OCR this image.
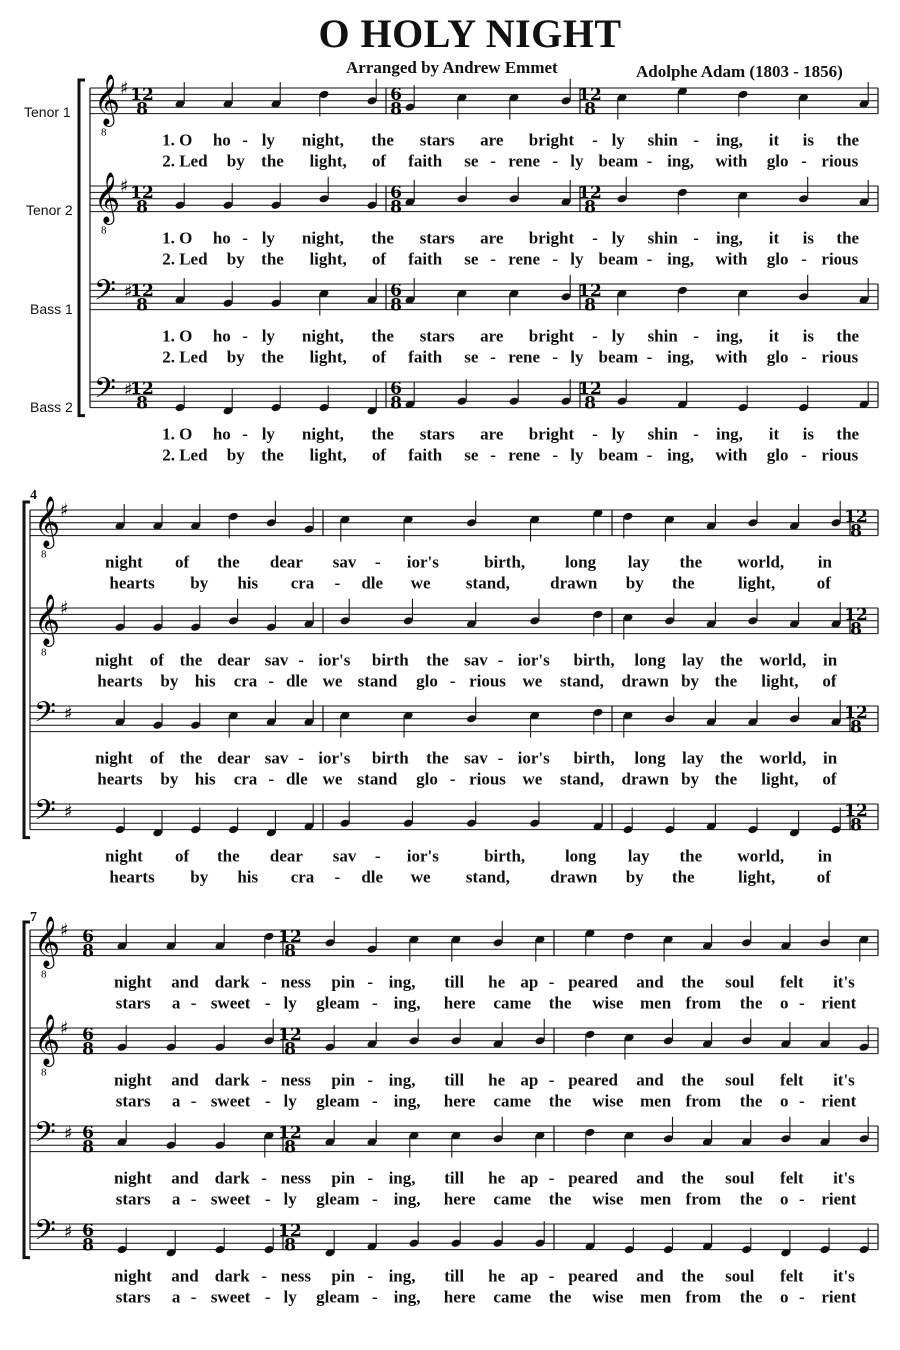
O HOLY NIGHT
Arranged by Andrew Emmet	Adolphe Adam (1803 - 1856)
Tenor 1
Tenor 2
Bass 1
Bass 2
4
7
𝄞
8
♯ 12
8
6
8
12
8
1. O ho - ly night, the stars are bright - ly shin - ing, it is the
2. Led by the light, of faith se - rene - ly beam - ing, with glo - rious
𝄞
8
♯ 12
8
6
8
12
8
1. O ho - ly night, the stars are bright - ly shin - ing, it is the
2. Led by the light, of faith se - rene - ly beam - ing, with glo - rious
𝄢 ♯
12
8
6
8
12
8
1. O ho - ly night, the stars are bright - ly shin - ing, it is the
2. Led by the light, of faith se - rene - ly beam - ing, with glo - rious
𝄢 ♯
12
8
6
8
12
8
1. O ho - ly night, the stars are bright - ly shin - ing, it is the
2. Led by the light, of faith se - rene - ly beam - ing, with glo - rious
𝄞
8
♯	12
8
night of the dear sav - ior's	birth, long lay the world, in
hearts by his cra - dle we stand, drawn by the	light, of
𝄞
8
♯	12
8
night of the dear sav - ior's birth the sav - ior's birth, long lay the world, in
hearts by his cra - dle we stand glo - rious we stand, drawn by the light, of
𝄢 ♯	12
8
night of the dear sav - ior's birth the sav - ior's birth, long lay the world, in
hearts by his cra - dle we stand glo - rious we stand, drawn by the light, of
𝄢 ♯	12
8
night of the dear sav - ior's	birth, long lay the world, in
hearts by his cra - dle we stand, drawn by the	light, of
𝄞
8
♯ 6
8
12
8
night and dark - ness pin - ing, till he ap - peared and the soul felt it's
stars a - sweet - ly gleam - ing, here came the wise men from the o - rient
𝄞
8
♯ 6
8
12
8
night and dark - ness pin - ing, till he ap - peared and the soul felt it's
stars a - sweet - ly gleam - ing, here came the wise men from the o - rient
𝄢 ♯ 6
8
12
8
night and dark - ness pin - ing, till he ap - peared and the soul felt it's
stars a - sweet - ly gleam - ing, here came the wise men from the o - rient
𝄢 ♯ 6
8
12
8
night and dark - ness pin - ing, till he ap - peared and the soul felt it's
stars a - sweet - ly gleam - ing, here came the wise men from the o - rient
